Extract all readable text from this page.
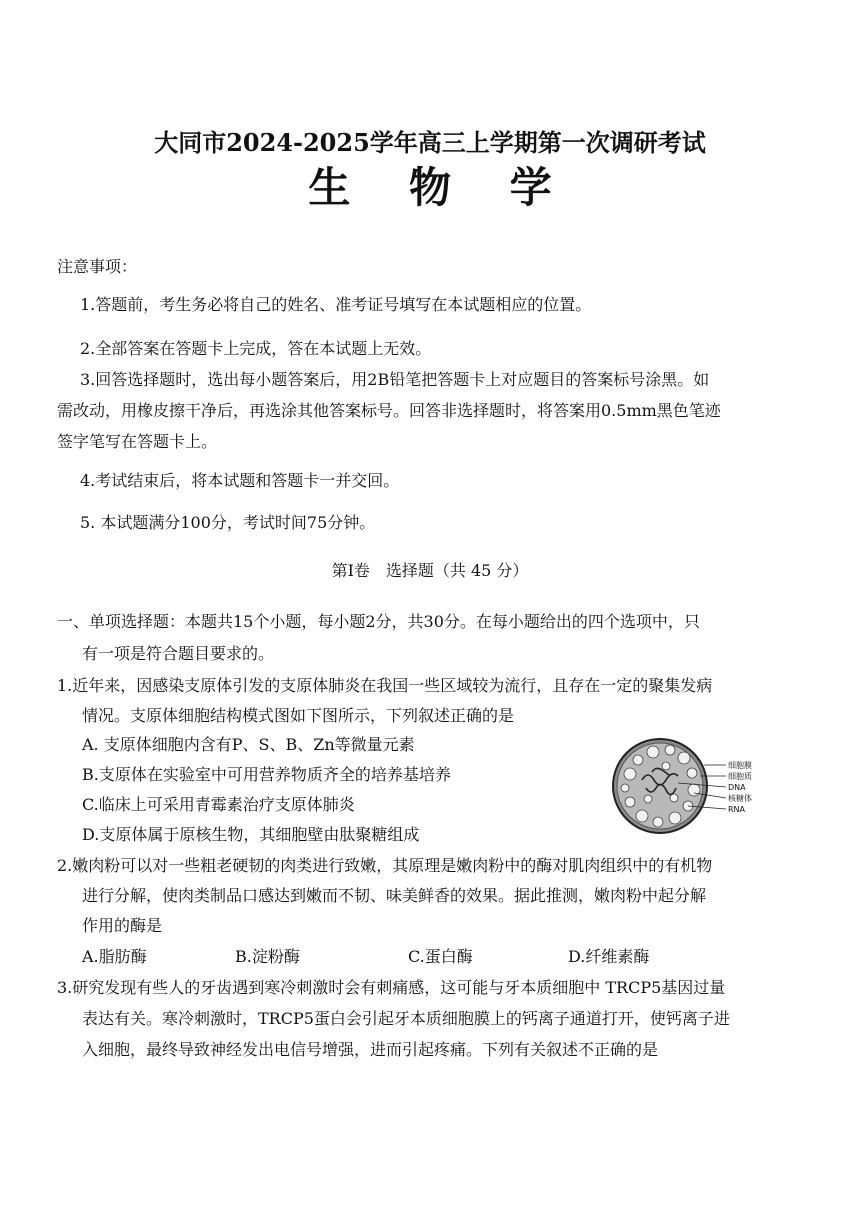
大同市2024-2025学年高三上学期第一次调研考试
生 物 学
注意事项：
1.答题前，考生务必将自己的姓名、准考证号填写在本试题相应的位置。
2.全部答案在答题卡上完成，答在本试题上无效。
3.回答选择题时，选出每小题答案后，用2B铅笔把答题卡上对应题目的答案标号涂黑。如
需改动，用橡皮擦干净后，再选涂其他答案标号。回答非选择题时，将答案用0.5mm黑色笔迹
签字笔写在答题卡上。
4.考试结束后，将本试题和答题卡一并交回。
5. 本试题满分100分，考试时间75分钟。
第Ⅰ卷　选择题（共 45 分）
一、单项选择题：本题共15个小题，每小题2分，共30分。在每小题给出的四个选项中，只
有一项是符合题目要求的。
1.近年来，因感染支原体引发的支原体肺炎在我国一些区域较为流行，且存在一定的聚集发病
情况。支原体细胞结构模式图如下图所示，下列叙述正确的是
A. 支原体细胞内含有P、S、B、Zn等微量元素
B.支原体在实验室中可用营养物质齐全的培养基培养
C.临床上可采用青霉素治疗支原体肺炎
D.支原体属于原核生物，其细胞壁由肽聚糖组成
细胞膜
细胞质
DNA
核糖体
RNA
2.嫩肉粉可以对一些粗老硬韧的肉类进行致嫩，其原理是嫩肉粉中的酶对肌肉组织中的有机物
进行分解，使肉类制品口感达到嫩而不韧、味美鲜香的效果。据此推测，嫩肉粉中起分解
作用的酶是
A.脂肪酶	B.淀粉酶	C.蛋白酶	D.纤维素酶
3.研究发现有些人的牙齿遇到寒冷刺激时会有刺痛感，这可能与牙本质细胞中 TRCP5基因过量
表达有关。寒冷刺激时，TRCP5蛋白会引起牙本质细胞膜上的钙离子通道打开，使钙离子进
入细胞，最终导致神经发出电信号增强，进而引起疼痛。下列有关叙述不正确的是
